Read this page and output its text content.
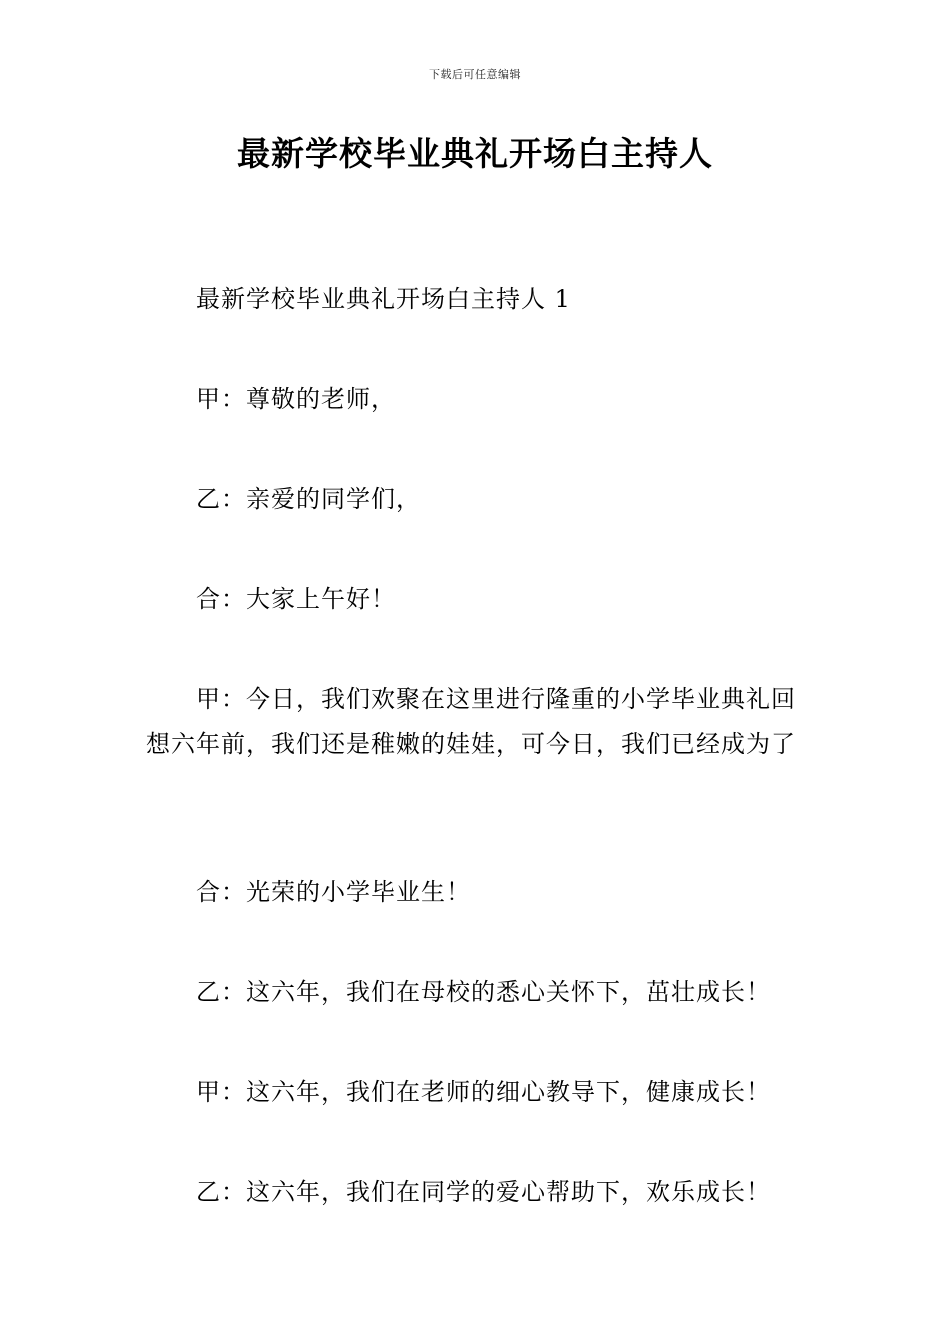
下载后可任意编辑
最新学校毕业典礼开场白主持人

最新学校毕业典礼开场白主持人 1

甲：尊敬的老师，

乙：亲爱的同学们，

合：大家上午好！

甲：今日，我们欢聚在这里进行隆重的小学毕业典礼回想六年前，我们还是稚嫩的娃娃，可今日，我们已经成为了

合：光荣的小学毕业生！

乙：这六年，我们在母校的悉心关怀下，茁壮成长！

甲：这六年，我们在老师的细心教导下，健康成长！

乙：这六年，我们在同学的爱心帮助下，欢乐成长！
